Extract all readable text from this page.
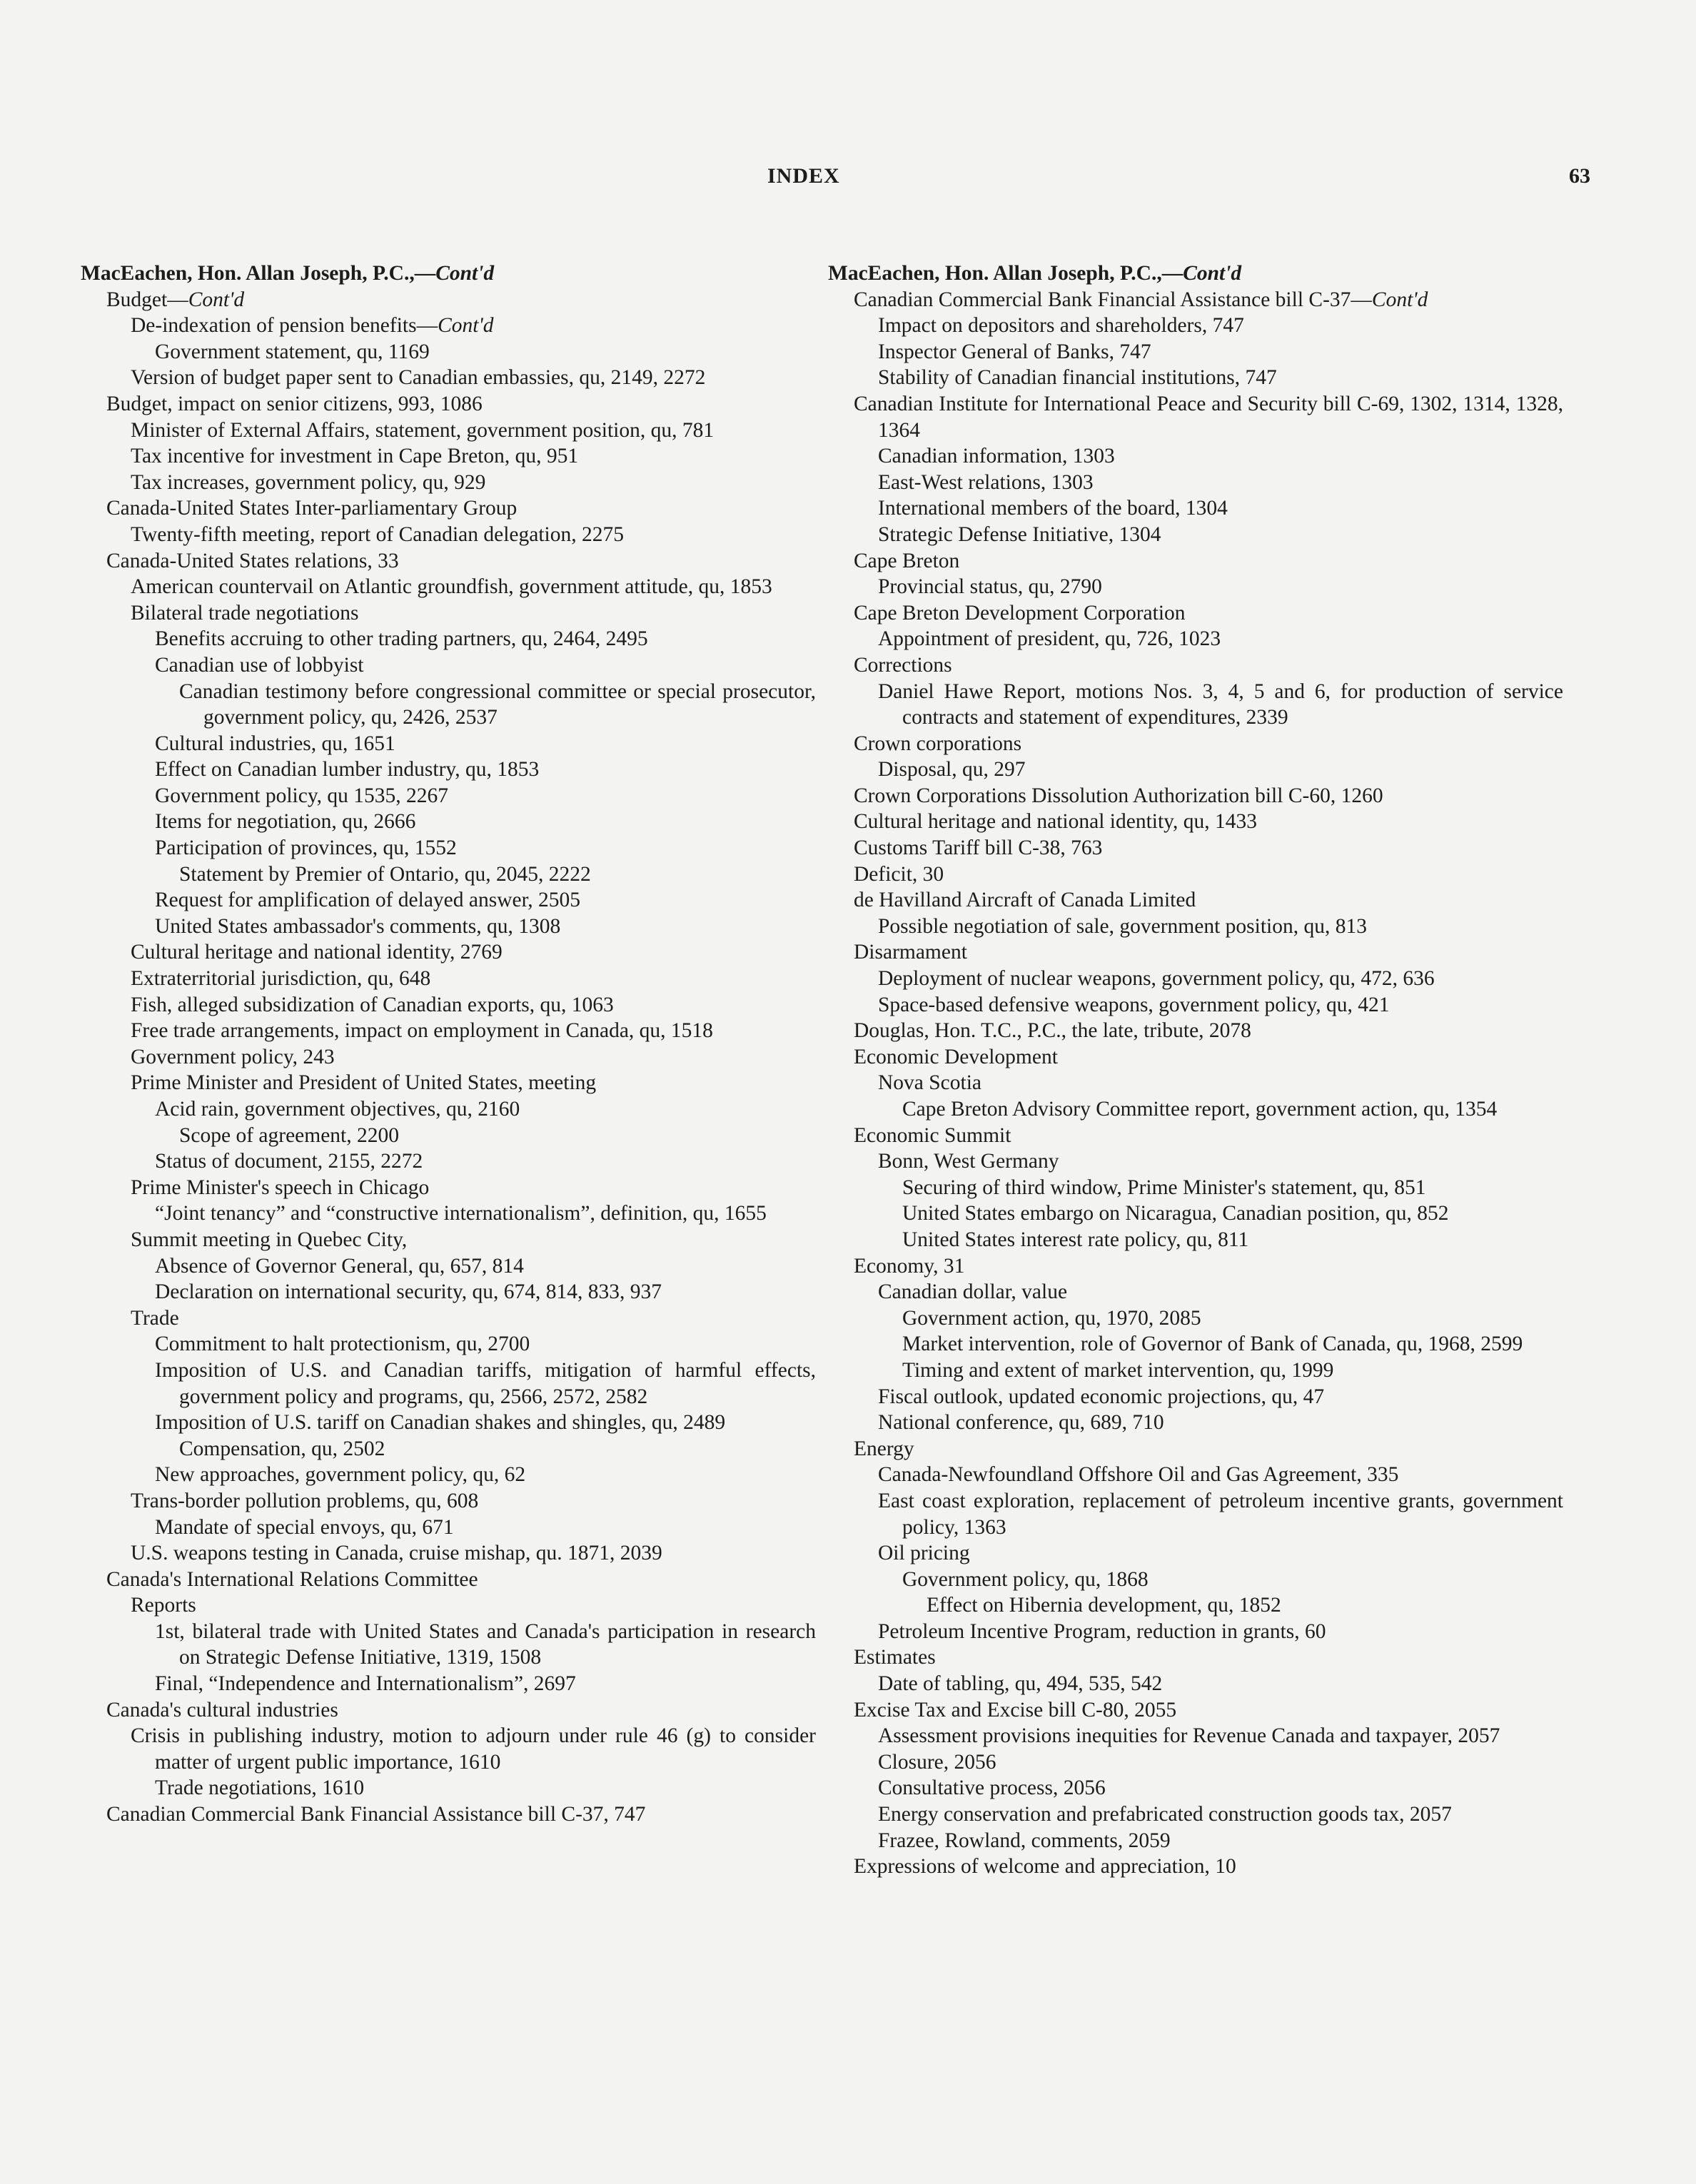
INDEX	63
MacEachen, Hon. Allan Joseph, P.C.,—Cont'd
Budget—Cont'd
De-indexation of pension benefits—Cont'd
Government statement, qu, 1169
Version of budget paper sent to Canadian embassies, qu, 2149, 2272
Budget, impact on senior citizens, 993, 1086
Minister of External Affairs, statement, government position, qu, 781
Tax incentive for investment in Cape Breton, qu, 951
Tax increases, government policy, qu, 929
Canada-United States Inter-parliamentary Group
Twenty-fifth meeting, report of Canadian delegation, 2275
Canada-United States relations, 33
American countervail on Atlantic groundfish, government attitude, qu, 1853
Bilateral trade negotiations
Benefits accruing to other trading partners, qu, 2464, 2495
Canadian use of lobbyist
Canadian testimony before congressional committee or special prosecutor, government policy, qu, 2426, 2537
Cultural industries, qu, 1651
Effect on Canadian lumber industry, qu, 1853
Government policy, qu 1535, 2267
Items for negotiation, qu, 2666
Participation of provinces, qu, 1552
Statement by Premier of Ontario, qu, 2045, 2222
Request for amplification of delayed answer, 2505
United States ambassador's comments, qu, 1308
Cultural heritage and national identity, 2769
Extraterritorial jurisdiction, qu, 648
Fish, alleged subsidization of Canadian exports, qu, 1063
Free trade arrangements, impact on employment in Canada, qu, 1518
Government policy, 243
Prime Minister and President of United States, meeting
Acid rain, government objectives, qu, 2160
Scope of agreement, 2200
Status of document, 2155, 2272
Prime Minister's speech in Chicago
“Joint tenancy” and “constructive internationalism”, definition, qu, 1655
Summit meeting in Quebec City,
Absence of Governor General, qu, 657, 814
Declaration on international security, qu, 674, 814, 833, 937
Trade
Commitment to halt protectionism, qu, 2700
Imposition of U.S. and Canadian tariffs, mitigation of harmful effects, government policy and programs, qu, 2566, 2572, 2582
Imposition of U.S. tariff on Canadian shakes and shingles, qu, 2489
Compensation, qu, 2502
New approaches, government policy, qu, 62
Trans-border pollution problems, qu, 608
Mandate of special envoys, qu, 671
U.S. weapons testing in Canada, cruise mishap, qu. 1871, 2039
Canada's International Relations Committee
Reports
1st, bilateral trade with United States and Canada's participation in research on Strategic Defense Initiative, 1319, 1508
Final, “Independence and Internationalism”, 2697
Canada's cultural industries
Crisis in publishing industry, motion to adjourn under rule 46 (g) to consider matter of urgent public importance, 1610
Trade negotiations, 1610
Canadian Commercial Bank Financial Assistance bill C-37, 747
MacEachen, Hon. Allan Joseph, P.C.,—Cont'd
Canadian Commercial Bank Financial Assistance bill C-37—Cont'd
Impact on depositors and shareholders, 747
Inspector General of Banks, 747
Stability of Canadian financial institutions, 747
Canadian Institute for International Peace and Security bill C-69, 1302, 1314, 1328, 1364
Canadian information, 1303
East-West relations, 1303
International members of the board, 1304
Strategic Defense Initiative, 1304
Cape Breton
Provincial status, qu, 2790
Cape Breton Development Corporation
Appointment of president, qu, 726, 1023
Corrections
Daniel Hawe Report, motions Nos. 3, 4, 5 and 6, for production of service contracts and statement of expenditures, 2339
Crown corporations
Disposal, qu, 297
Crown Corporations Dissolution Authorization bill C-60, 1260
Cultural heritage and national identity, qu, 1433
Customs Tariff bill C-38, 763
Deficit, 30
de Havilland Aircraft of Canada Limited
Possible negotiation of sale, government position, qu, 813
Disarmament
Deployment of nuclear weapons, government policy, qu, 472, 636
Space-based defensive weapons, government policy, qu, 421
Douglas, Hon. T.C., P.C., the late, tribute, 2078
Economic Development
Nova Scotia
Cape Breton Advisory Committee report, government action, qu, 1354
Economic Summit
Bonn, West Germany
Securing of third window, Prime Minister's statement, qu, 851
United States embargo on Nicaragua, Canadian position, qu, 852
United States interest rate policy, qu, 811
Economy, 31
Canadian dollar, value
Government action, qu, 1970, 2085
Market intervention, role of Governor of Bank of Canada, qu, 1968, 2599
Timing and extent of market intervention, qu, 1999
Fiscal outlook, updated economic projections, qu, 47
National conference, qu, 689, 710
Energy
Canada-Newfoundland Offshore Oil and Gas Agreement, 335
East coast exploration, replacement of petroleum incentive grants, government policy, 1363
Oil pricing
Government policy, qu, 1868
Effect on Hibernia development, qu, 1852
Petroleum Incentive Program, reduction in grants, 60
Estimates
Date of tabling, qu, 494, 535, 542
Excise Tax and Excise bill C-80, 2055
Assessment provisions inequities for Revenue Canada and taxpayer, 2057
Closure, 2056
Consultative process, 2056
Energy conservation and prefabricated construction goods tax, 2057
Frazee, Rowland, comments, 2059
Expressions of welcome and appreciation, 10
